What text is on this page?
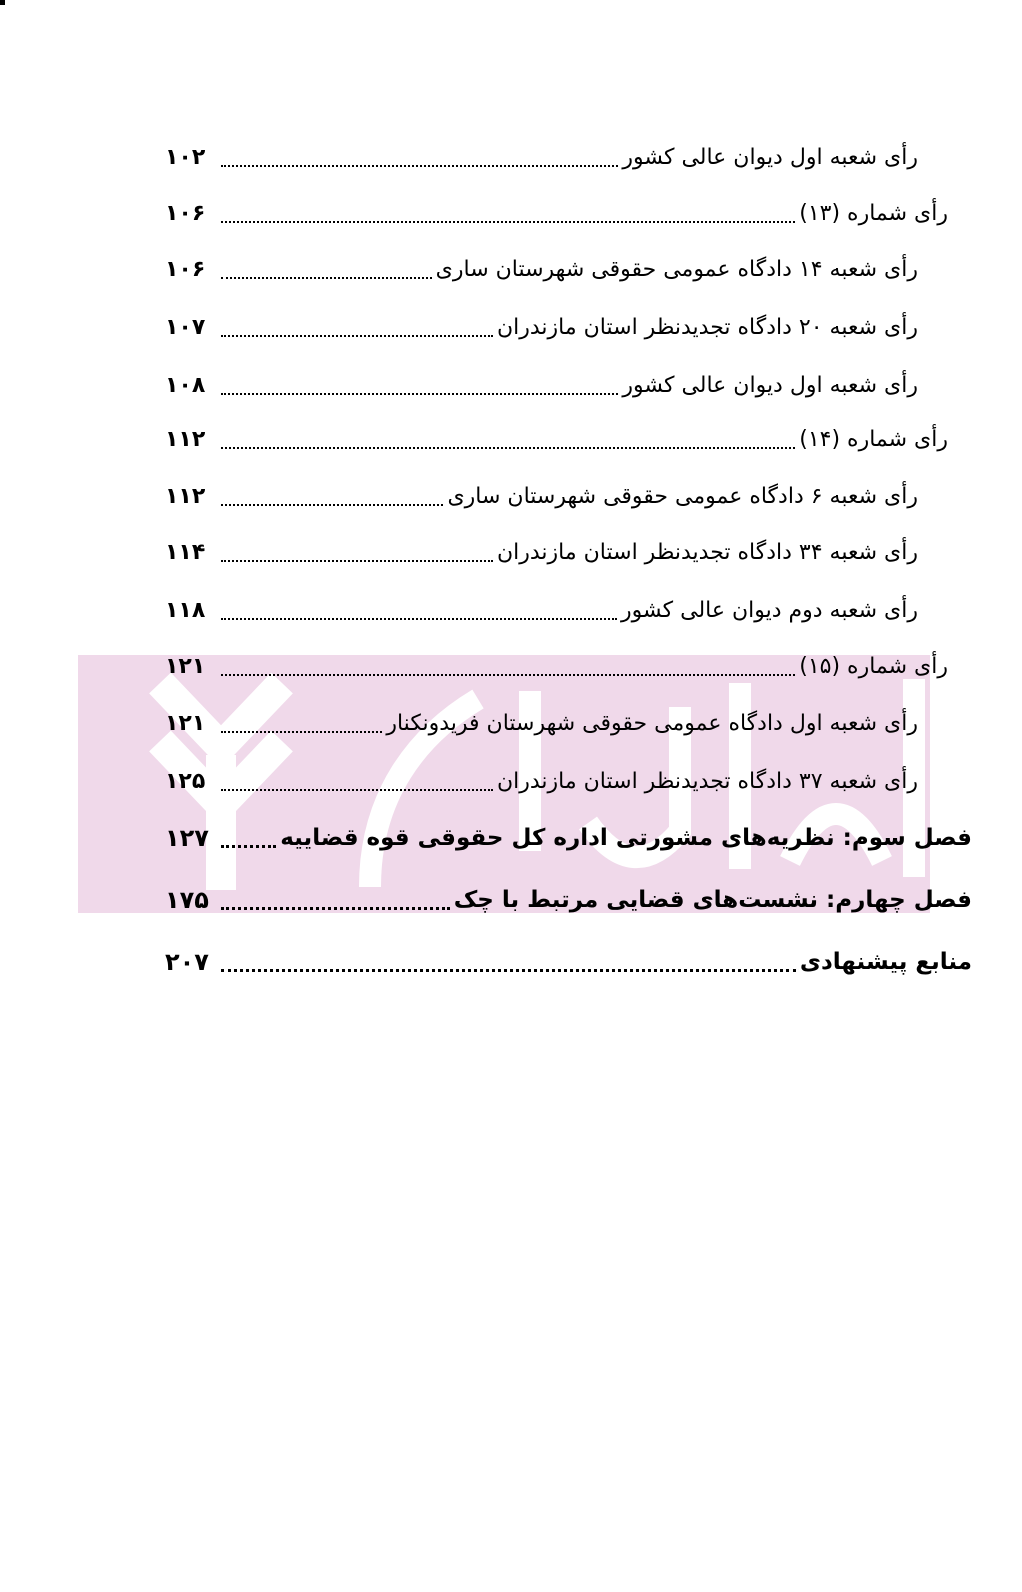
رأی شعبه اول دیوان عالی کشور
۱۰۲
رأی شماره (۱۳)
۱۰۶
رأی شعبه ۱۴ دادگاه عمومی حقوقی شهرستان ساری
۱۰۶
رأی شعبه ۲۰ دادگاه تجدیدنظر استان مازندران
۱۰۷
رأی شعبه اول دیوان عالی کشور
۱۰۸
رأی شماره (۱۴)
۱۱۲
رأی شعبه ۶ دادگاه عمومی حقوقی شهرستان ساری
۱۱۲
رأی شعبه ۳۴ دادگاه تجدیدنظر استان مازندران
۱۱۴
رأی شعبه دوم دیوان عالی کشور
۱۱۸
رأی شماره (۱۵)
۱۲۱
رأی شعبه اول دادگاه عمومی حقوقی شهرستان فریدونکنار
۱۲۱
رأی شعبه ۳۷ دادگاه تجدیدنظر استان مازندران
۱۲۵
فصل سوم: نظریه‌های مشورتی اداره کل حقوقی قوه قضاییه
۱۲۷
فصل چهارم: نشست‌های قضایی مرتبط با چک
۱۷۵
منابع پیشنهادی
۲۰۷
